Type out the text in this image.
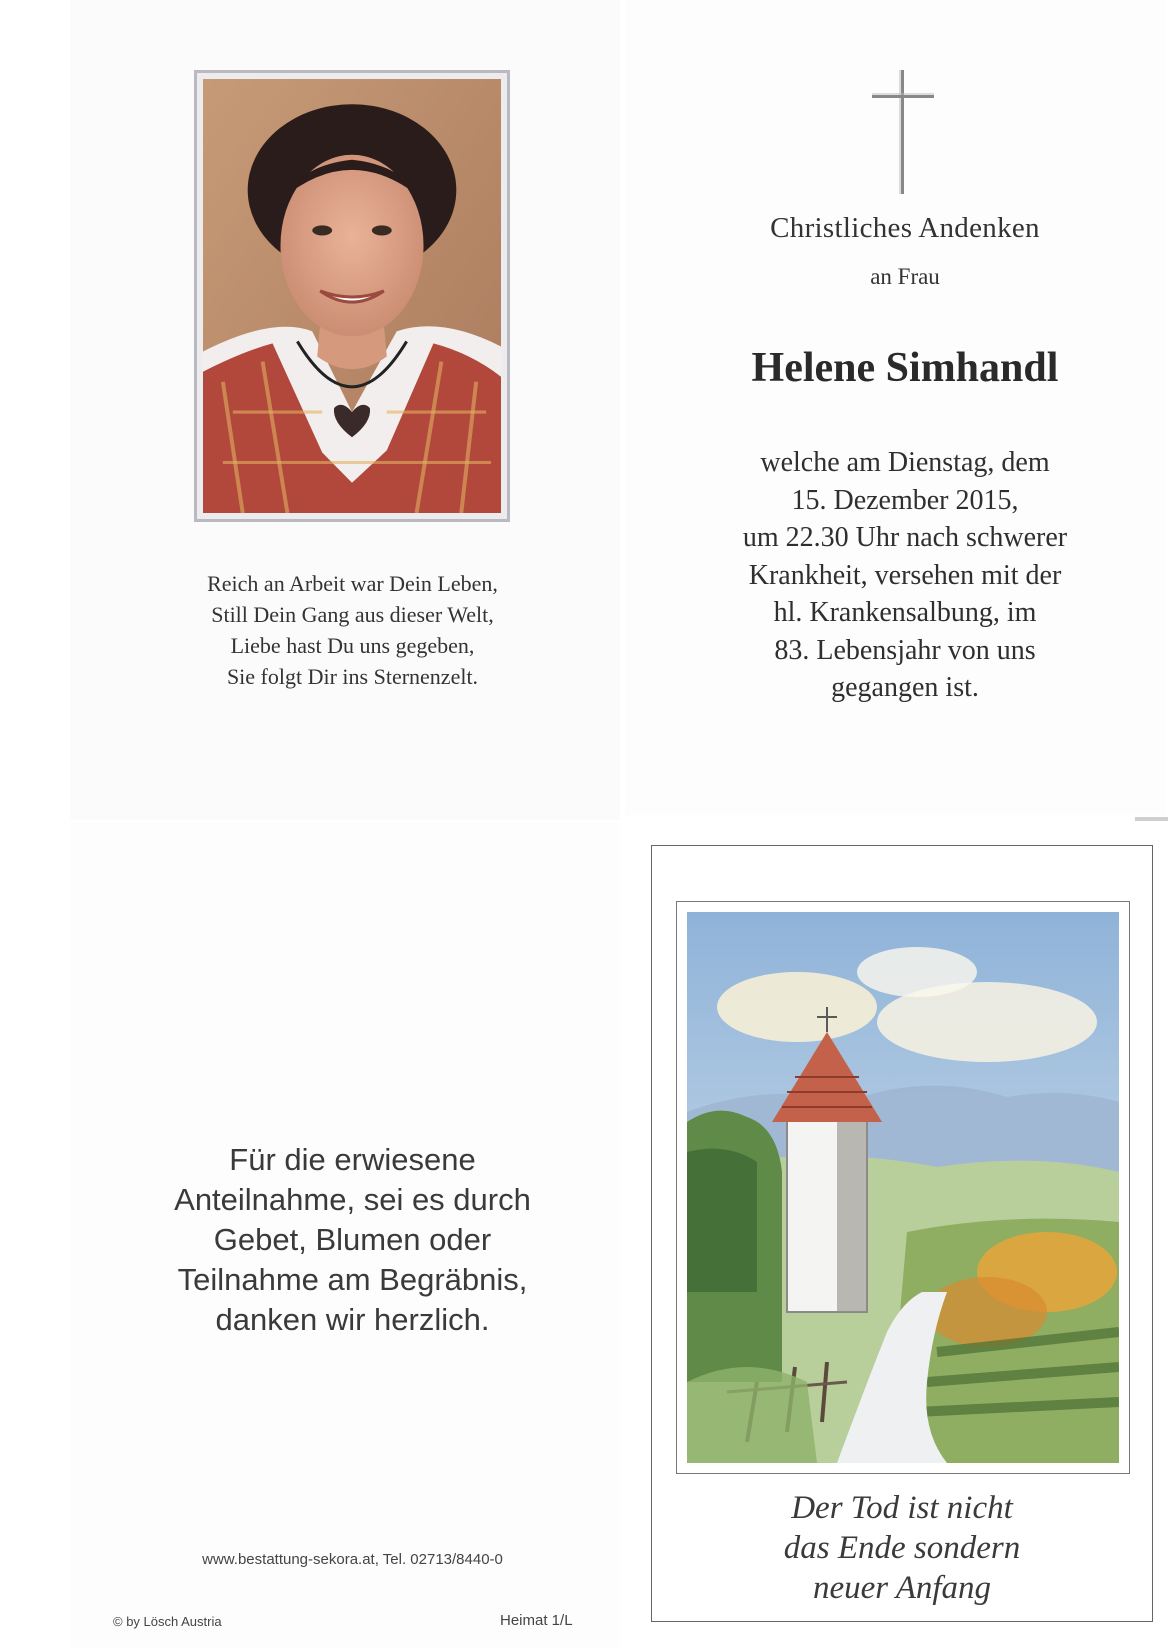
Reich an Arbeit war Dein Leben,
Still Dein Gang aus dieser Welt,
Liebe hast Du uns gegeben,
Sie folgt Dir ins Sternenzelt.
Christliches Andenken
an Frau
Helene Simhandl
welche am Dienstag, dem
15. Dezember 2015,
um 22.30 Uhr nach schwerer
Krankheit, versehen mit der
hl. Krankensalbung, im
83. Lebensjahr von uns
gegangen ist.
Für die erwiesene
Anteilnahme, sei es durch
Gebet, Blumen oder
Teilnahme am Begräbnis,
danken wir herzlich.
www.bestattung-sekora.at, Tel. 02713/8440-0
© by Lösch Austria	Heimat 1/L
Der Tod ist nicht
das Ende sondern
neuer Anfang
